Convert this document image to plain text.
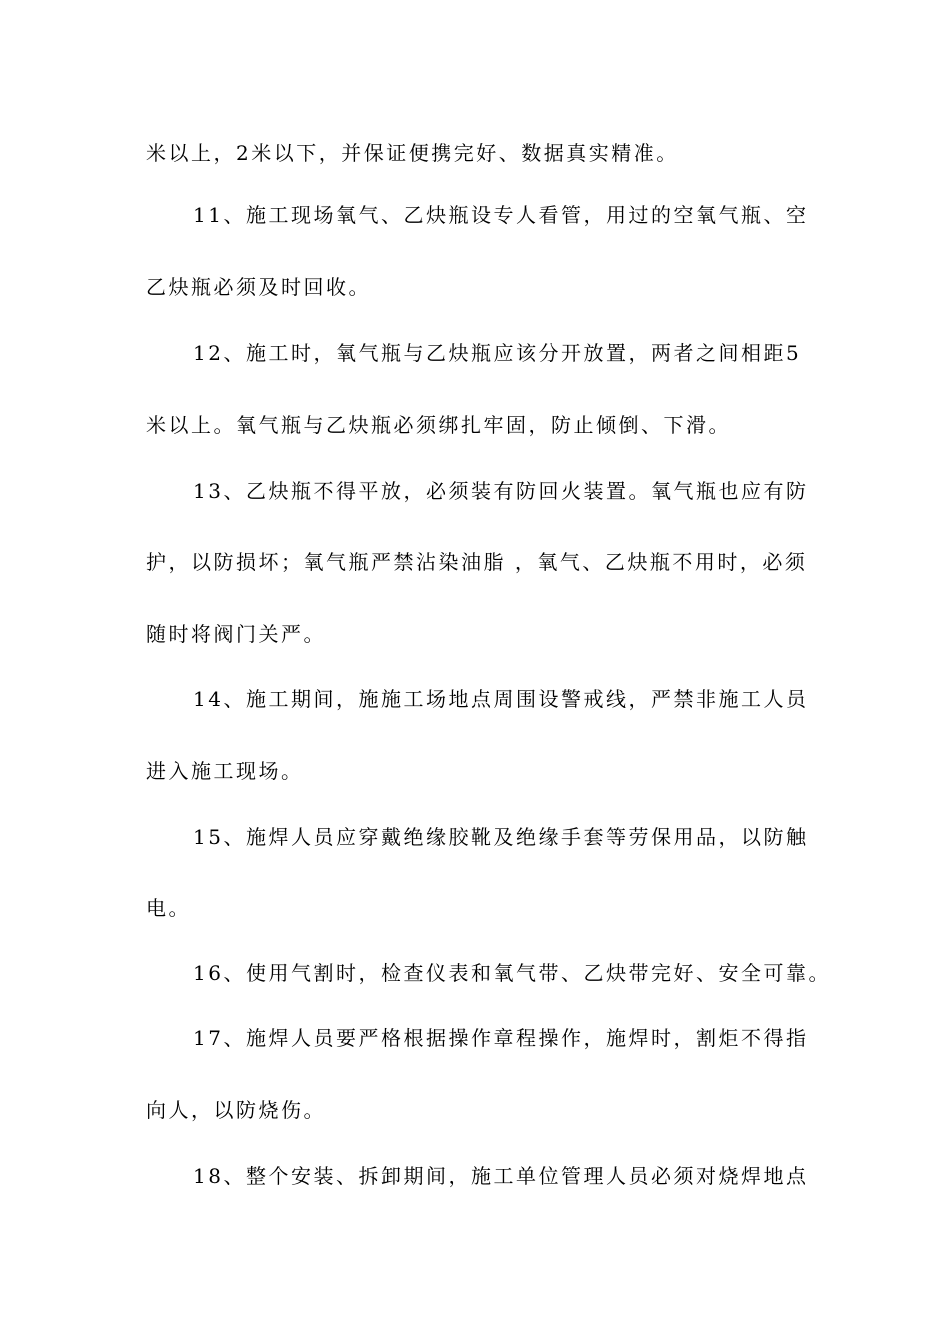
米以上，2米以下，并保证便携完好、数据真实精准。
11、施工现场氧气、乙炔瓶设专人看管，用过的空氧气瓶、空
乙炔瓶必须及时回收。
12、施工时，氧气瓶与乙炔瓶应该分开放置，两者之间相距5
米以上。氧气瓶与乙炔瓶必须绑扎牢固，防止倾倒、下滑。
13、乙炔瓶不得平放，必须装有防回火装置。氧气瓶也应有防
护，以防损坏；氧气瓶严禁沾染油脂 ，氧气、乙炔瓶不用时，必须
随时将阀门关严。
14、施工期间，施施工场地点周围设警戒线，严禁非施工人员
进入施工现场。
15、施焊人员应穿戴绝缘胶靴及绝缘手套等劳保用品，以防触
电。
16、使用气割时，检查仪表和氧气带、乙炔带完好、安全可靠。
17、施焊人员要严格根据操作章程操作，施焊时，割炬不得指
向人，以防烧伤。
18、整个安装、拆卸期间，施工单位管理人员必须对烧焊地点
